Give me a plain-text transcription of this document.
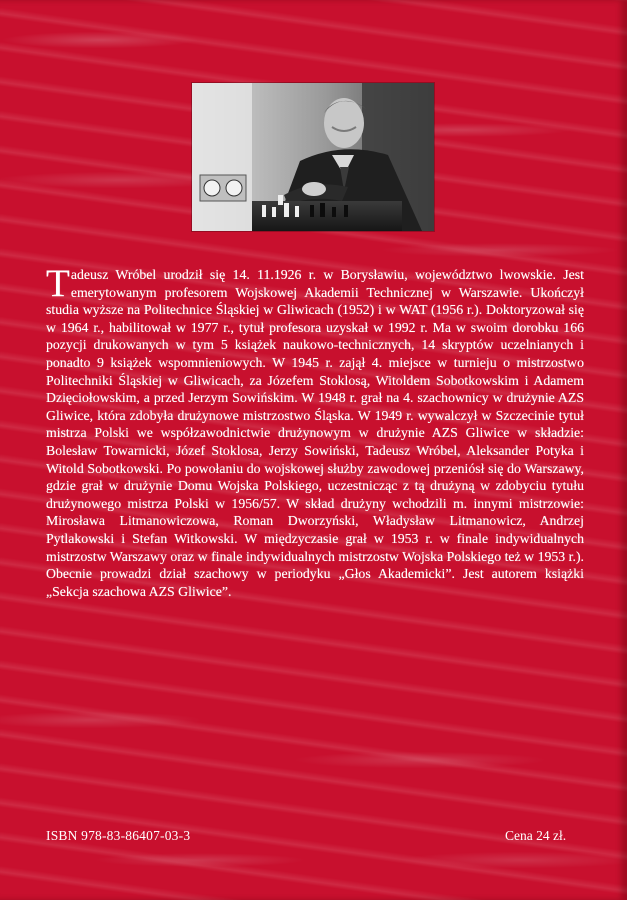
Tadeusz Wróbel urodził się 14. 11.1926 r. w Borysławiu, województwo lwowskie. Jest emerytowanym profesorem Wojskowej Akademii Technicznej w Warszawie. Ukończył studia wyższe na Politechnice Śląskiej w Gliwicach (1952) i w WAT (1956 r.). Doktoryzował się w 1964 r., habilitował w 1977 r., tytuł profesora uzyskał w 1992 r. Ma w swoim dorobku 166 pozycji drukowanych w tym 5 książek naukowo-technicznych, 14 skryptów uczelnianych i ponadto 9 książek wspomnieniowych. W 1945 r. zajął 4. miejsce w turnieju o mistrzostwo Politechniki Śląskiej w Gliwicach, za Józefem Stoklosą, Witoldem Sobotkowskim i Adamem Dzięciołowskim, a przed Jerzym Sowińskim. W 1948 r. grał na 4. szachownicy w drużynie AZS Gliwice, która zdobyła drużynowe mistrzostwo Śląska. W 1949 r. wywalczył w Szczecinie tytuł mistrza Polski we współzawodnictwie drużynowym w drużynie AZS Gliwice w składzie: Bolesław Towarnicki, Józef Stoklosa, Jerzy Sowiński, Tadeusz Wróbel, Aleksander Potyka i Witold Sobotkowski. Po powołaniu do wojskowej służby zawodowej przeniósł się do Warszawy, gdzie grał w drużynie Domu Wojska Polskiego, uczestnicząc z tą drużyną w zdobyciu tytułu drużynowego mistrza Polski w 1956/57. W skład drużyny wchodzili m. innymi mistrzowie: Mirosława Litmanowiczowa, Roman Dworzyński, Władysław Litmanowicz, Andrzej Pytlakowski i Stefan Witkowski. W międzyczasie grał w 1953 r. w finale indywidualnych mistrzostw Warszawy oraz w finale indywidualnych mistrzostw Wojska Polskiego też w 1953 r.). Obecnie prowadzi dział szachowy w periodyku „Głos Akademicki”. Jest autorem książki „Sekcja szachowa AZS Gliwice”.
ISBN 978-83-86407-03-3	Cena 24 zł.
